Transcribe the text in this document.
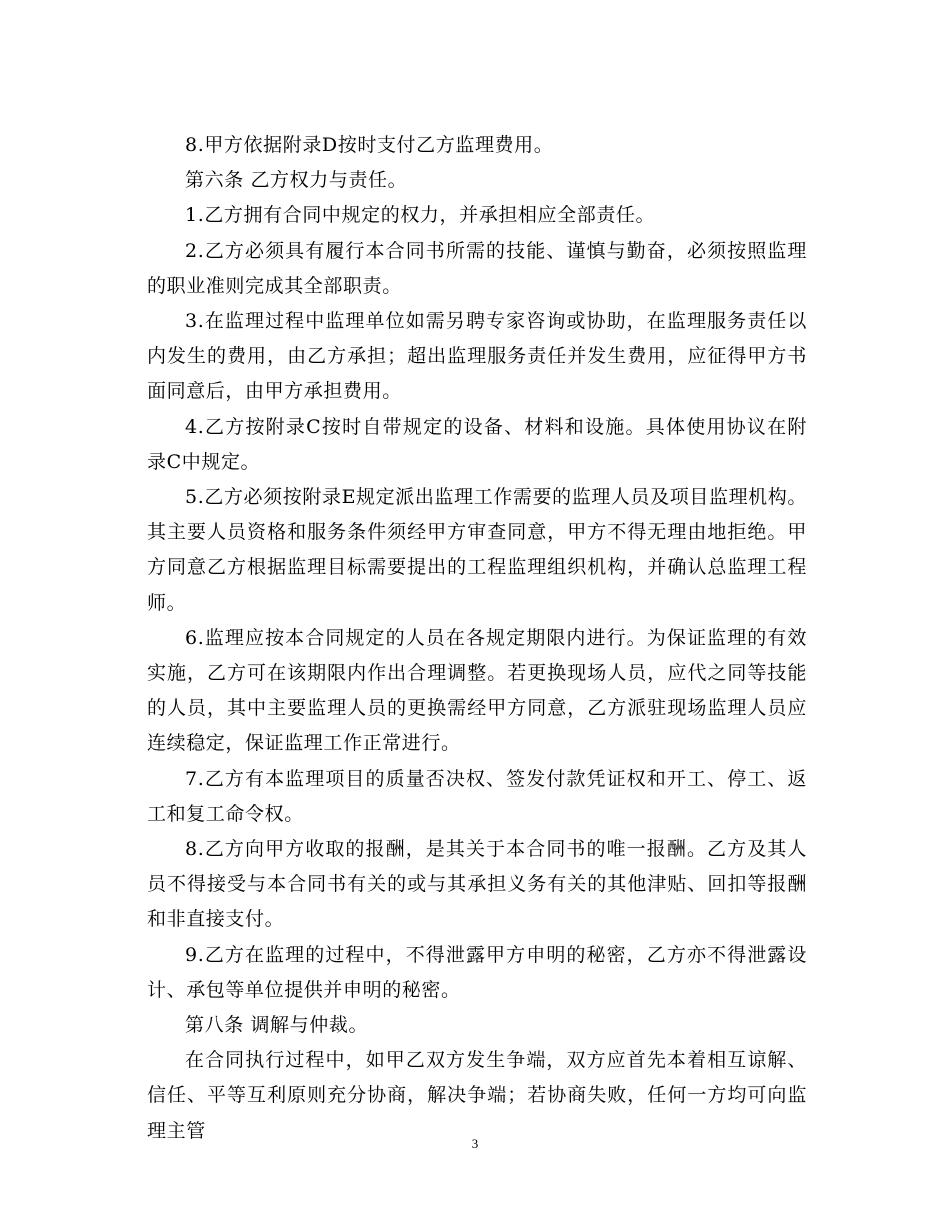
8.甲方依据附录D按时支付乙方监理费用。

第六条 乙方权力与责任。

1.乙方拥有合同中规定的权力，并承担相应全部责任。

2.乙方必须具有履行本合同书所需的技能、谨慎与勤奋，必须按照监理的职业准则完成其全部职责。

3.在监理过程中监理单位如需另聘专家咨询或协助，在监理服务责任以内发生的费用，由乙方承担；超出监理服务责任并发生费用，应征得甲方书面同意后，由甲方承担费用。

4.乙方按附录C按时自带规定的设备、材料和设施。具体使用协议在附录C中规定。

5.乙方必须按附录E规定派出监理工作需要的监理人员及项目监理机构。其主要人员资格和服务条件须经甲方审查同意，甲方不得无理由地拒绝。甲方同意乙方根据监理目标需要提出的工程监理组织机构，并确认总监理工程师。

6.监理应按本合同规定的人员在各规定期限内进行。为保证监理的有效实施，乙方可在该期限内作出合理调整。若更换现场人员，应代之同等技能的人员，其中主要监理人员的更换需经甲方同意，乙方派驻现场监理人员应连续稳定，保证监理工作正常进行。

7.乙方有本监理项目的质量否决权、签发付款凭证权和开工、停工、返工和复工命令权。

8.乙方向甲方收取的报酬，是其关于本合同书的唯一报酬。乙方及其人员不得接受与本合同书有关的或与其承担义务有关的其他津贴、回扣等报酬和非直接支付。

9.乙方在监理的过程中，不得泄露甲方申明的秘密，乙方亦不得泄露设计、承包等单位提供并申明的秘密。

第八条 调解与仲裁。

在合同执行过程中，如甲乙双方发生争端，双方应首先本着相互谅解、信任、平等互利原则充分协商，解决争端；若协商失败，任何一方均可向监理主管

3
